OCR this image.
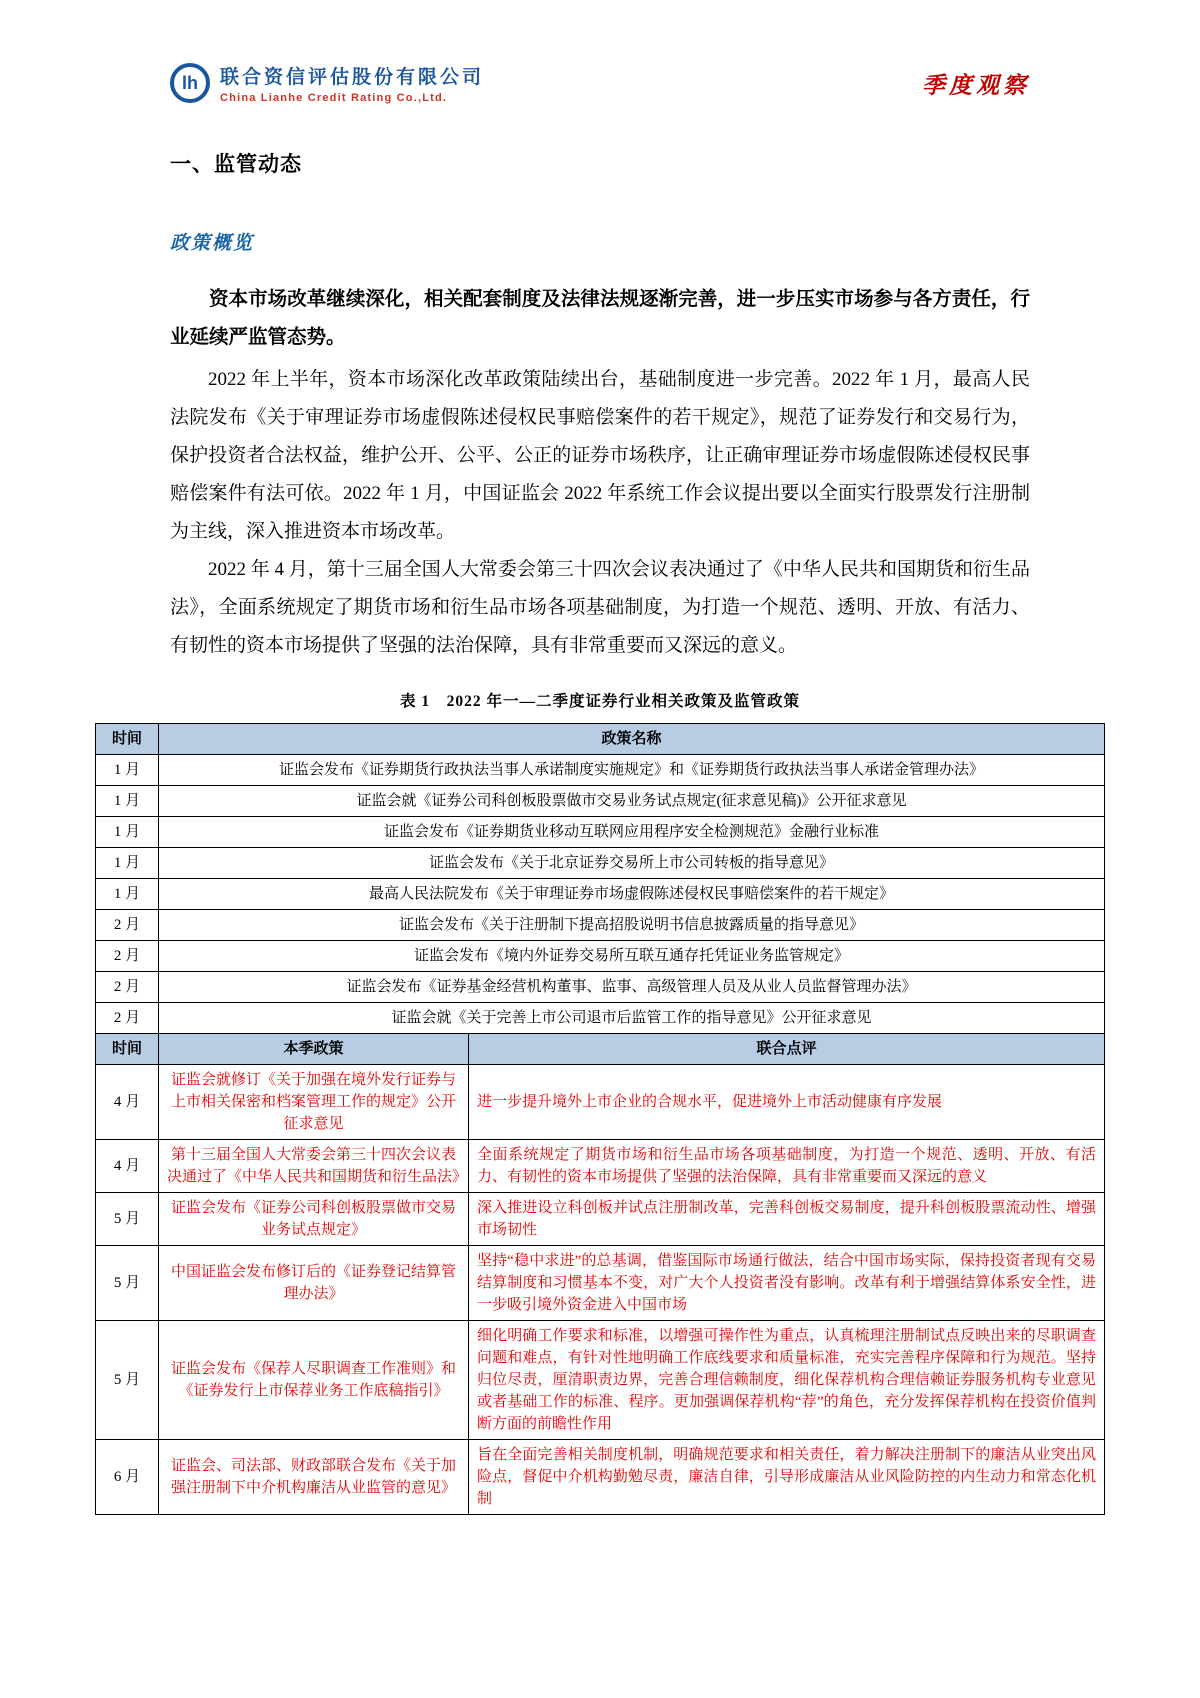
lh 联合资信评估股份有限公司
China Lianhe Credit Rating Co.,Ltd.
季度观察
一、监管动态
政策概览

资本市场改革继续深化，相关配套制度及法律法规逐渐完善，进一步压实市场参与各方责任，行业延续严监管态势。

2022 年上半年，资本市场深化改革政策陆续出台，基础制度进一步完善。2022 年 1 月，最高人民法院发布《关于审理证券市场虚假陈述侵权民事赔偿案件的若干规定》，规范了证券发行和交易行为，保护投资者合法权益，维护公开、公平、公正的证券市场秩序，让正确审理证券市场虚假陈述侵权民事赔偿案件有法可依。2022 年 1 月，中国证监会 2022 年系统工作会议提出要以全面实行股票发行注册制为主线，深入推进资本市场改革。

2022 年 4 月，第十三届全国人大常委会第三十四次会议表决通过了《中华人民共和国期货和衍生品法》，全面系统规定了期货市场和衍生品市场各项基础制度，为打造一个规范、透明、开放、有活力、有韧性的资本市场提供了坚强的法治保障，具有非常重要而又深远的意义。

表 1　2022 年一—二季度证券行业相关政策及监管政策
时间	政策名称
1 月	证监会发布《证券期货行政执法当事人承诺制度实施规定》和《证券期货行政执法当事人承诺金管理办法》
1 月	证监会就《证券公司科创板股票做市交易业务试点规定(征求意见稿)》公开征求意见
1 月	证监会发布《证券期货业移动互联网应用程序安全检测规范》金融行业标准
1 月	证监会发布《关于北京证券交易所上市公司转板的指导意见》
1 月	最高人民法院发布《关于审理证券市场虚假陈述侵权民事赔偿案件的若干规定》
2 月	证监会发布《关于注册制下提高招股说明书信息披露质量的指导意见》
2 月	证监会发布《境内外证券交易所互联互通存托凭证业务监管规定》
2 月	证监会发布《证券基金经营机构董事、监事、高级管理人员及从业人员监督管理办法》
2 月	证监会就《关于完善上市公司退市后监管工作的指导意见》公开征求意见
时间	本季政策	联合点评
4 月	证监会就修订《关于加强在境外发行证券与上市相关保密和档案管理工作的规定》公开征求意见	进一步提升境外上市企业的合规水平，促进境外上市活动健康有序发展
4 月	第十三届全国人大常委会第三十四次会议表决通过了《中华人民共和国期货和衍生品法》	全面系统规定了期货市场和衍生品市场各项基础制度，为打造一个规范、透明、开放、有活力、有韧性的资本市场提供了坚强的法治保障，具有非常重要而又深远的意义
5 月	证监会发布《证券公司科创板股票做市交易业务试点规定》	深入推进设立科创板并试点注册制改革，完善科创板交易制度，提升科创板股票流动性、增强市场韧性
5 月	中国证监会发布修订后的《证券登记结算管理办法》	坚持“稳中求进”的总基调，借鉴国际市场通行做法，结合中国市场实际，保持投资者现有交易结算制度和习惯基本不变，对广大个人投资者没有影响。改革有利于增强结算体系安全性，进一步吸引境外资金进入中国市场
5 月	证监会发布《保荐人尽职调查工作准则》和《证券发行上市保荐业务工作底稿指引》	细化明确工作要求和标准，以增强可操作性为重点，认真梳理注册制试点反映出来的尽职调查问题和难点，有针对性地明确工作底线要求和质量标准，充实完善程序保障和行为规范。坚持归位尽责，厘清职责边界，完善合理信赖制度，细化保荐机构合理信赖证券服务机构专业意见或者基础工作的标准、程序。更加强调保荐机构“荐”的角色，充分发挥保荐机构在投资价值判断方面的前瞻性作用
6 月	证监会、司法部、财政部联合发布《关于加强注册制下中介机构廉洁从业监管的意见》	旨在全面完善相关制度机制，明确规范要求和相关责任，着力解决注册制下的廉洁从业突出风险点，督促中介机构勤勉尽责，廉洁自律，引导形成廉洁从业风险防控的内生动力和常态化机制
